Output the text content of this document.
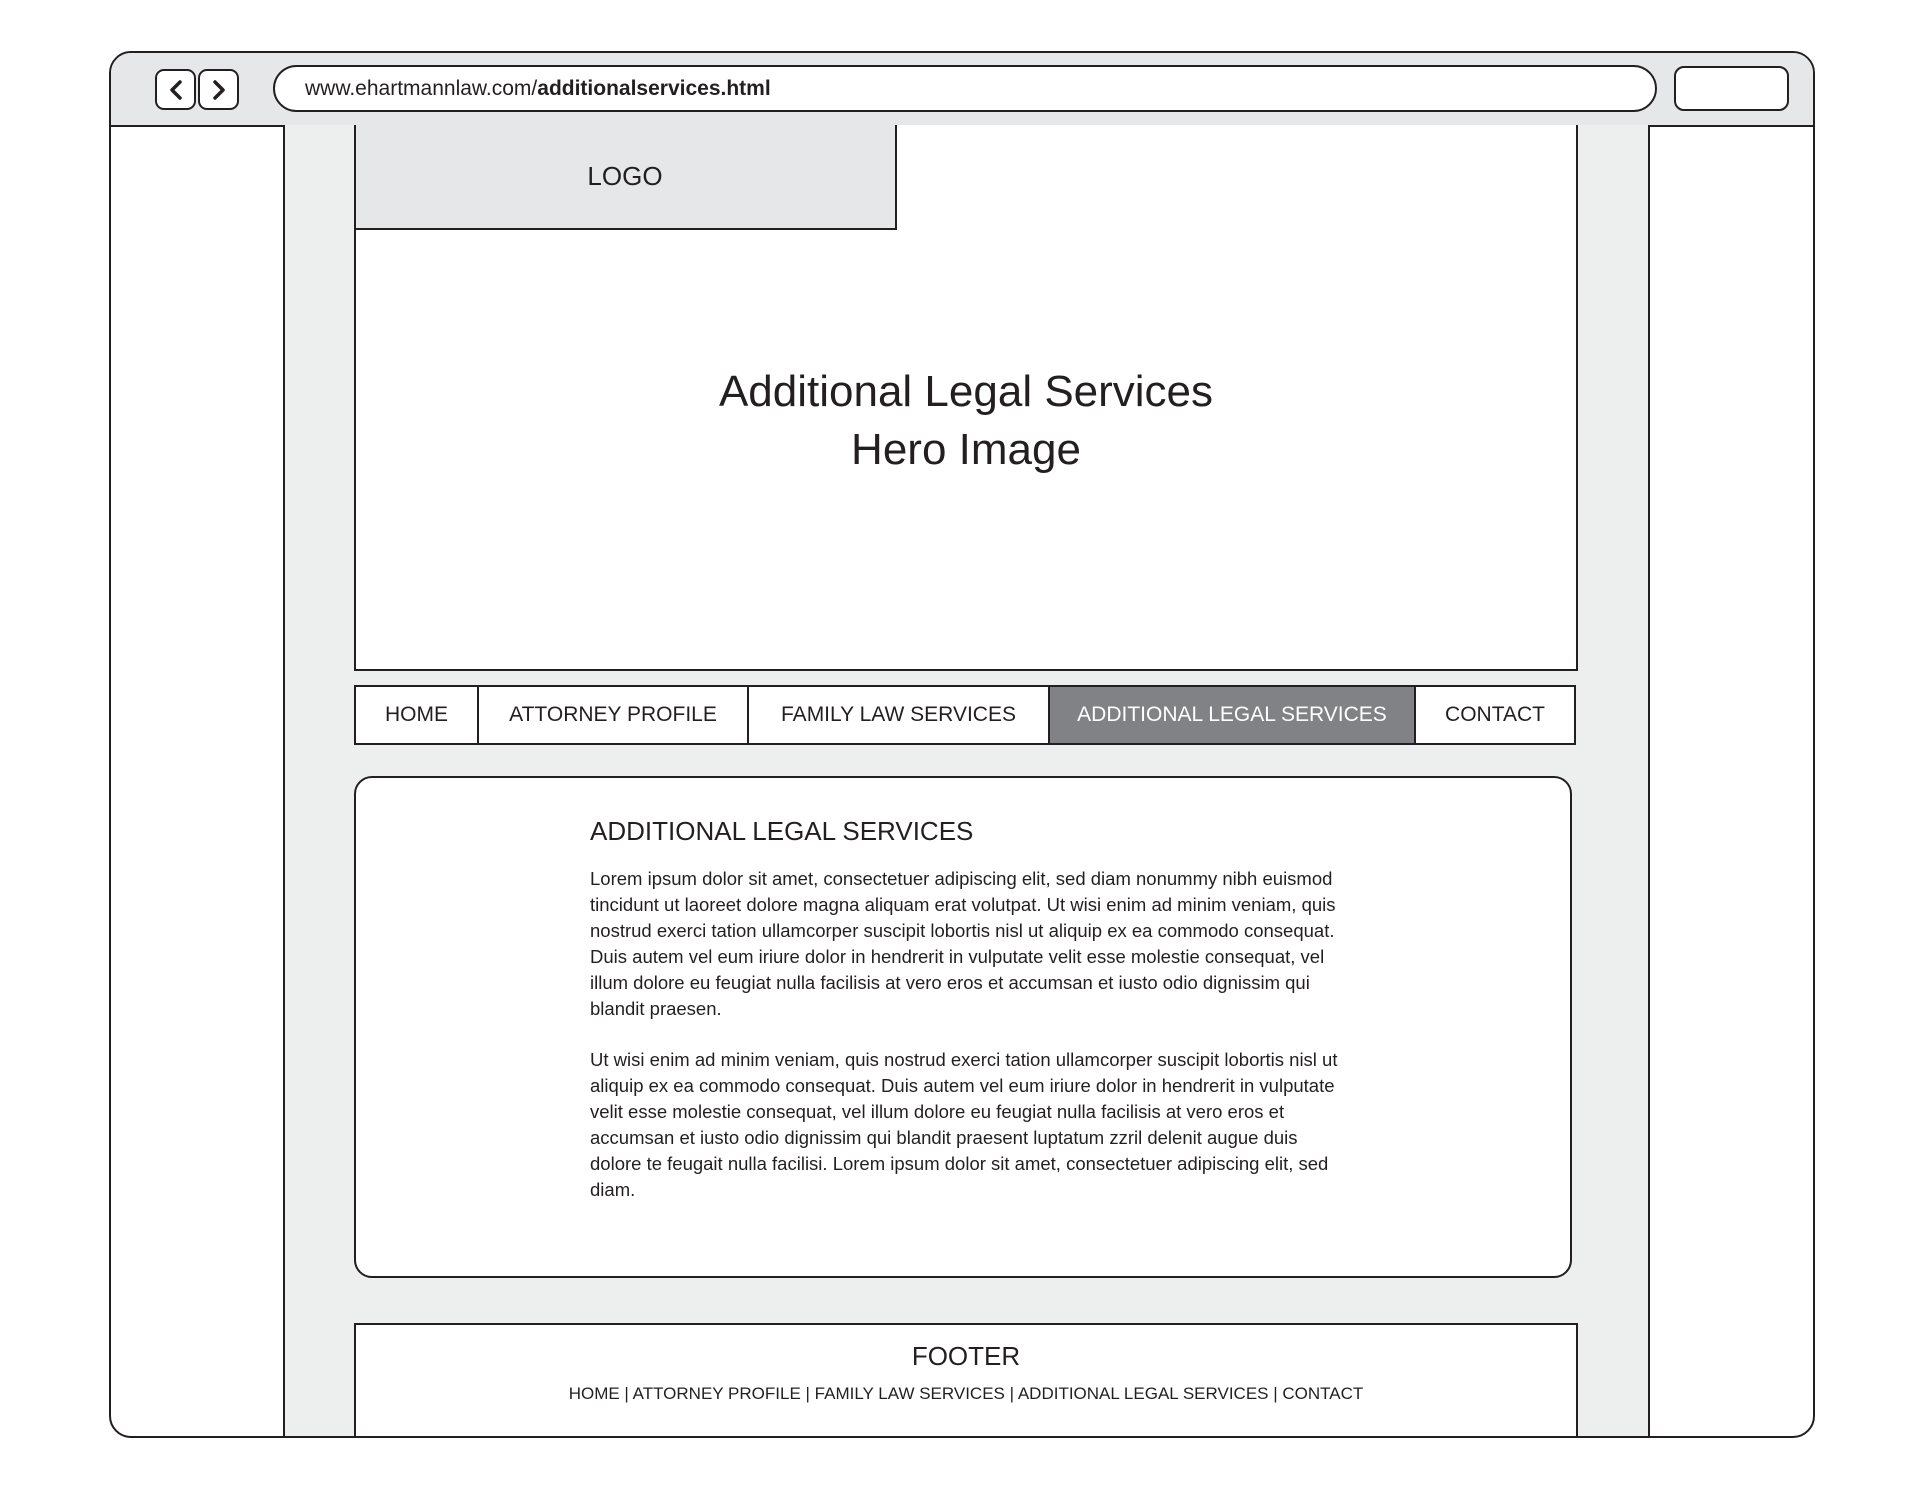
www.ehartmannlaw.com/ additionalservices.html
LOGO
Additional Legal Services
Hero Image
HOME	ATTORNEY PROFILE	FAMILY LAW SERVICES	ADDITIONAL LEGAL SERVICES	CONTACT
ADDITIONAL LEGAL SERVICES

Lorem ipsum dolor sit amet, consectetuer adipiscing elit, sed diam nonummy nibh euismod tincidunt ut laoreet dolore magna aliquam erat volutpat. Ut wisi enim ad minim veniam, quis nostrud exerci tation ullamcorper suscipit lobortis nisl ut aliquip ex ea commodo consequat. Duis autem vel eum iriure dolor in hendrerit in vulputate velit esse molestie consequat, vel illum dolore eu feugiat nulla facilisis at vero eros et accumsan et iusto odio dignissim qui blandit praesen.

Ut wisi enim ad minim veniam, quis nostrud exerci tation ullamcorper suscipit lobortis nisl ut aliquip ex ea commodo consequat. Duis autem vel eum iriure dolor in hendrerit in vulputate velit esse molestie consequat, vel illum dolore eu feugiat nulla facilisis at vero eros et accumsan et iusto odio dignissim qui blandit praesent luptatum zzril delenit augue duis dolore te feugait nulla facilisi. Lorem ipsum dolor sit amet, consectetuer adipiscing elit, sed diam.

FOOTER
HOME | ATTORNEY PROFILE | FAMILY LAW SERVICES | ADDITIONAL LEGAL SERVICES | CONTACT
